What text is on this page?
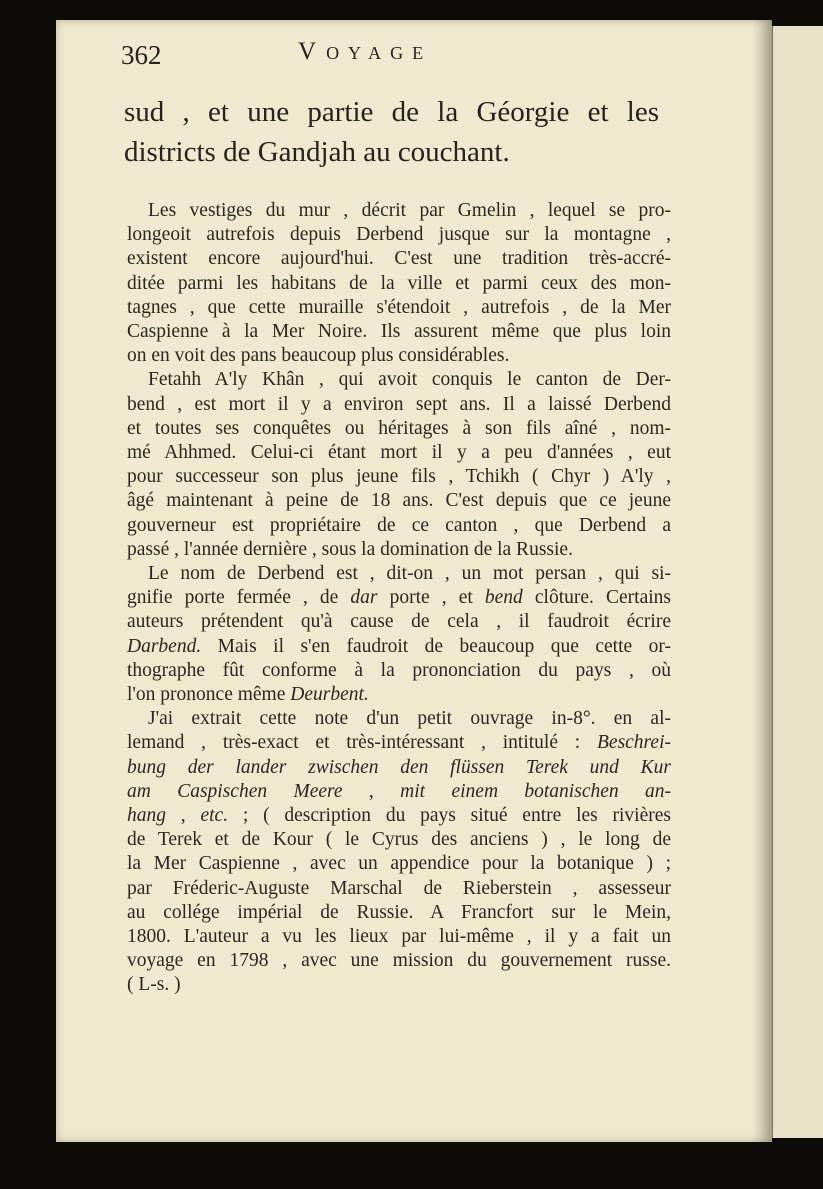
362	VOYAGE
sud , et une partie de la Géorgie et les
districts de Gandjah au couchant.
Les vestiges du mur , décrit par Gmelin , lequel se pro-
longeoit autrefois depuis Derbend jusque sur la montagne ,
existent encore aujourd'hui. C'est une tradition très-accré-
ditée parmi les habitans de la ville et parmi ceux des mon-
tagnes , que cette muraille s'étendoit , autrefois , de la Mer
Caspienne à la Mer Noire. Ils assurent même que plus loin
on en voit des pans beaucoup plus considérables.
Fetahh A'ly Khân , qui avoit conquis le canton de Der-
bend , est mort il y a environ sept ans. Il a laissé Derbend
et toutes ses conquêtes ou héritages à son fils aîné , nom-
mé Ahhmed. Celui-ci étant mort il y a peu d'années , eut
pour successeur son plus jeune fils , Tchikh ( Chyr ) A'ly ,
âgé maintenant à peine de 18 ans. C'est depuis que ce jeune
gouverneur est propriétaire de ce canton , que Derbend a
passé , l'année dernière , sous la domination de la Russie.
Le nom de Derbend est , dit-on , un mot persan , qui si-
gnifie porte fermée , de dar porte , et bend clôture. Certains
auteurs prétendent qu'à cause de cela , il faudroit écrire
Darbend. Mais il s'en faudroit de beaucoup que cette or-
thographe fût conforme à la prononciation du pays , où
l'on prononce même Deurbent.
J'ai extrait cette note d'un petit ouvrage in-8°. en al-
lemand , très-exact et très-intéressant , intitulé : Beschrei-
bung der lander zwischen den flüssen Terek und Kur
am Caspischen Meere , mit einem botanischen an-
hang , etc. ; ( description du pays situé entre les rivières
de Terek et de Kour ( le Cyrus des anciens ) , le long de
la Mer Caspienne , avec un appendice pour la botanique ) ;
par Fréderic-Auguste Marschal de Rieberstein , assesseur
au collége impérial de Russie. A Francfort sur le Mein,
1800. L'auteur a vu les lieux par lui-même , il y a fait un
voyage en 1798 , avec une mission du gouvernement russe.
( L-s. )
